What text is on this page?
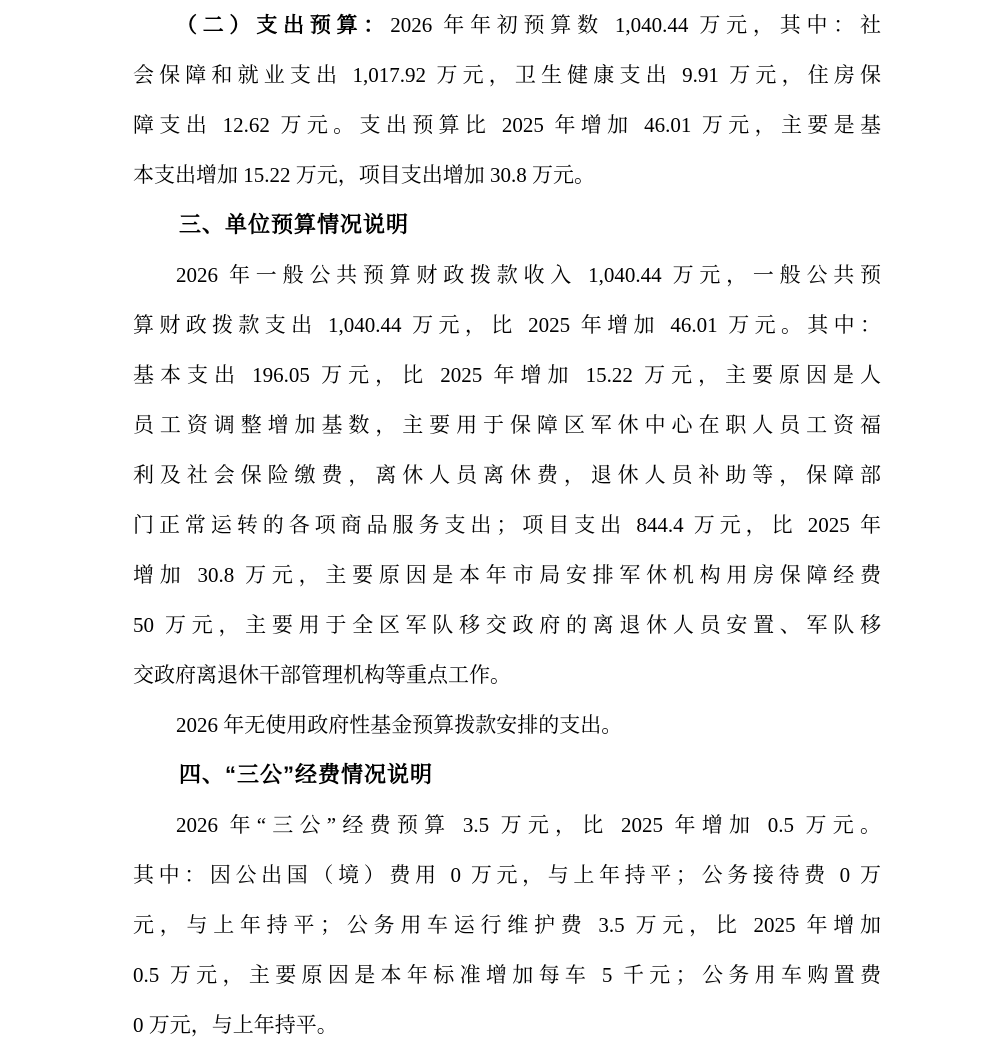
（二）支出预算：2026 年年初预算数 1,040.44 万元，其中：社
会保障和就业支出 1,017.92 万元，卫生健康支出 9.91 万元，住房保
障支出 12.62 万元。支出预算比 2025 年增加 46.01 万元，主要是基
本支出增加 15.22 万元，项目支出增加 30.8 万元。
三、单位预算情况说明
2026 年一般公共预算财政拨款收入 1,040.44 万元，一般公共预
算财政拨款支出 1,040.44 万元，比 2025 年增加 46.01 万元。其中：
基本支出 196.05 万元，比 2025 年增加 15.22 万元，主要原因是人
员工资调整增加基数，主要用于保障区军休中心在职人员工资福
利及社会保险缴费，离休人员离休费，退休人员补助等，保障部
门正常运转的各项商品服务支出；项目支出 844.4 万元，比 2025 年
增加 30.8 万元，主要原因是本年市局安排军休机构用房保障经费
50 万元，主要用于全区军队移交政府的离退休人员安置、军队移
交政府离退休干部管理机构等重点工作。
2026 年无使用政府性基金预算拨款安排的支出。
四、“三公”经费情况说明
2026 年“三公”经费预算 3.5 万元，比 2025 年增加 0.5 万元。
其中：因公出国（境）费用 0 万元，与上年持平；公务接待费 0 万
元，与上年持平；公务用车运行维护费 3.5 万元，比 2025 年增加
0.5 万元，主要原因是本年标准增加每车 5 千元；公务用车购置费
0 万元，与上年持平。
